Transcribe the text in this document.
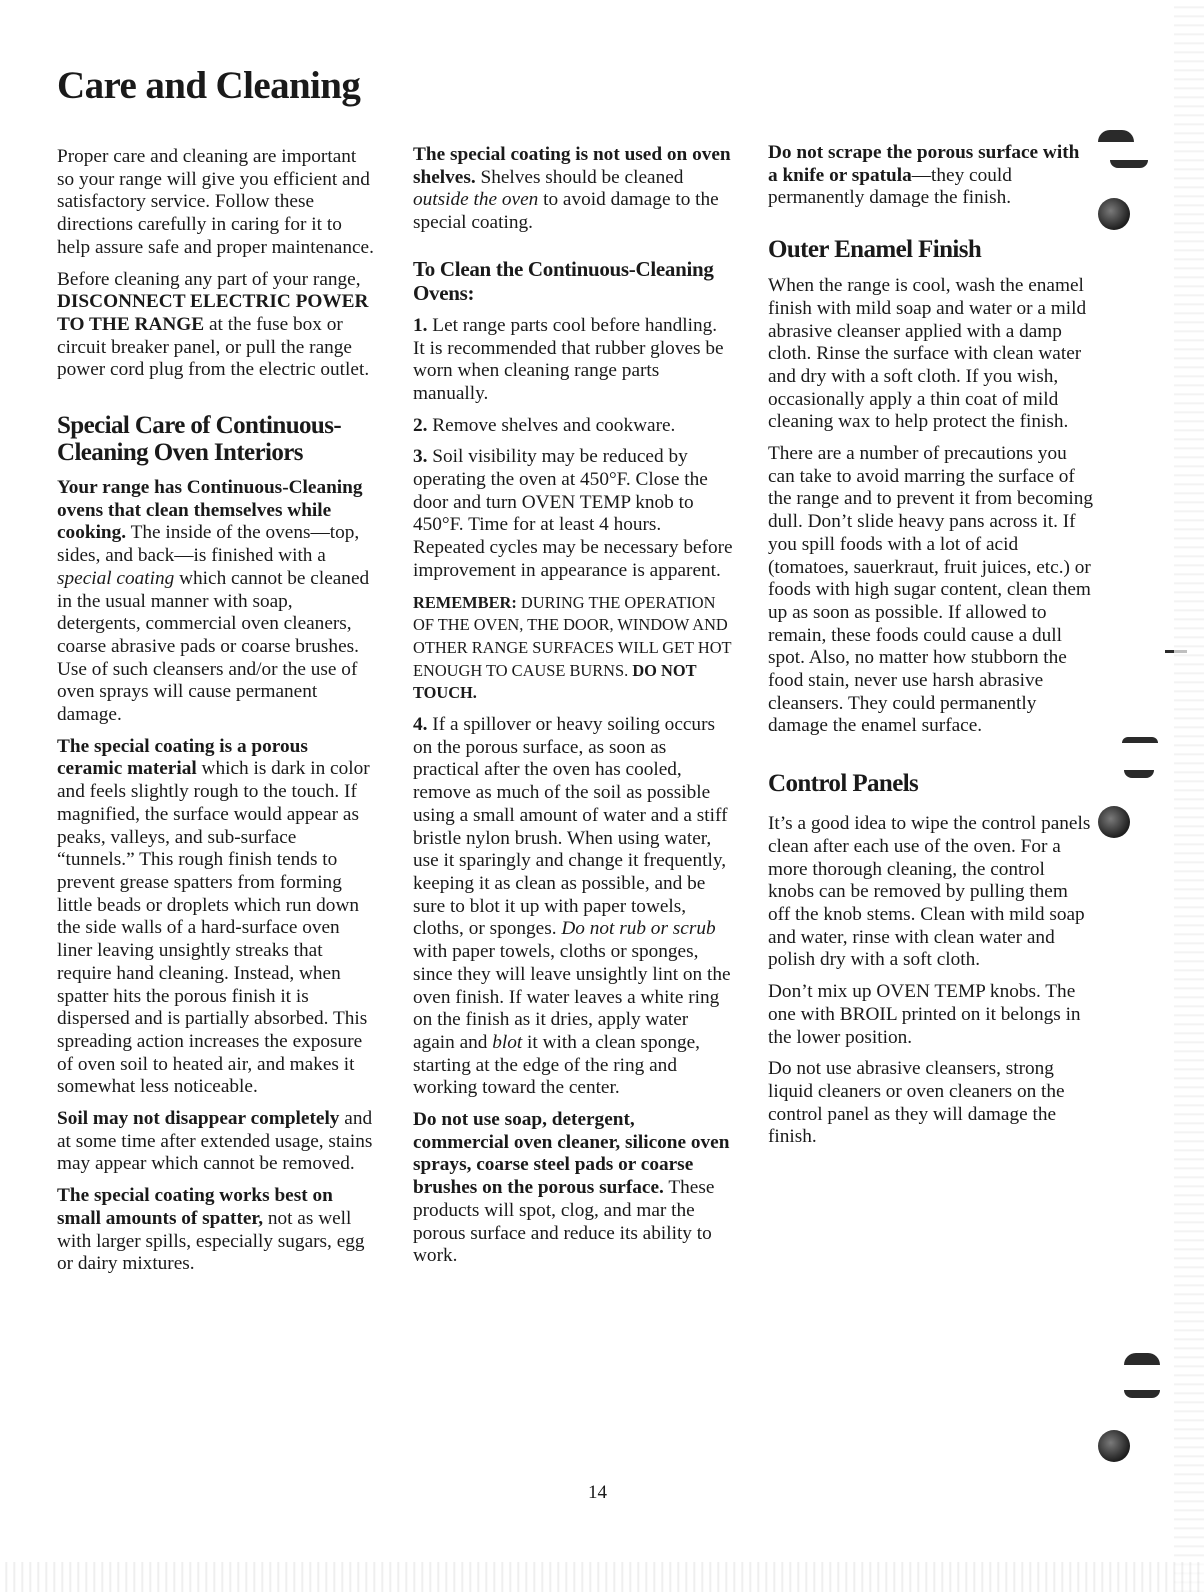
Care and Cleaning

Proper care and cleaning are important so your range will give you efficient and satisfactory service. Follow these directions carefully in caring for it to help assure safe and proper maintenance.

Before cleaning any part of your range, DISCONNECT ELECTRIC POWER TO THE RANGE at the fuse box or circuit breaker panel, or pull the range power cord plug from the electric outlet.

Special Care of Continuous-Cleaning Oven Interiors

Your range has Continuous-Cleaning ovens that clean themselves while cooking. The inside of the ovens—top, sides, and back—is finished with a special coating which cannot be cleaned in the usual manner with soap, detergents, commercial oven cleaners, coarse abrasive pads or coarse brushes. Use of such cleansers and/or the use of oven sprays will cause permanent damage.

The special coating is a porous ceramic material which is dark in color and feels slightly rough to the touch. If magnified, the surface would appear as peaks, valleys, and sub-surface “tunnels.” This rough finish tends to prevent grease spatters from forming little beads or droplets which run down the side walls of a hard-surface oven liner leaving unsightly streaks that require hand cleaning. Instead, when spatter hits the porous finish it is dispersed and is partially absorbed. This spreading action increases the exposure of oven soil to heated air, and makes it somewhat less noticeable.

Soil may not disappear completely and at some time after extended usage, stains may appear which cannot be removed.

The special coating works best on small amounts of spatter, not as well with larger spills, especially sugars, egg or dairy mixtures.

The special coating is not used on oven shelves. Shelves should be cleaned outside the oven to avoid damage to the special coating.

To Clean the Continuous-Cleaning Ovens:

1. Let range parts cool before handling. It is recommended that rubber gloves be worn when cleaning range parts manually.

2. Remove shelves and cookware.

3. Soil visibility may be reduced by operating the oven at 450°F. Close the door and turn OVEN TEMP knob to 450°F. Time for at least 4 hours. Repeated cycles may be necessary before improvement in appearance is apparent.

REMEMBER: DURING THE OPERATION OF THE OVEN, THE DOOR, WINDOW AND OTHER RANGE SURFACES WILL GET HOT ENOUGH TO CAUSE BURNS. DO NOT TOUCH.

4. If a spillover or heavy soiling occurs on the porous surface, as soon as practical after the oven has cooled, remove as much of the soil as possible using a small amount of water and a stiff bristle nylon brush. When using water, use it sparingly and change it frequently, keeping it as clean as possible, and be sure to blot it up with paper towels, cloths, or sponges. Do not rub or scrub with paper towels, cloths or sponges, since they will leave unsightly lint on the oven finish. If water leaves a white ring on the finish as it dries, apply water again and blot it with a clean sponge, starting at the edge of the ring and working toward the center.

Do not use soap, detergent, commercial oven cleaner, silicone oven sprays, coarse steel pads or coarse brushes on the porous surface. These products will spot, clog, and mar the porous surface and reduce its ability to work.

Do not scrape the porous surface with a knife or spatula—they could permanently damage the finish.

Outer Enamel Finish

When the range is cool, wash the enamel finish with mild soap and water or a mild abrasive cleanser applied with a damp cloth. Rinse the surface with clean water and dry with a soft cloth. If you wish, occasionally apply a thin coat of mild cleaning wax to help protect the finish.

There are a number of precautions you can take to avoid marring the surface of the range and to prevent it from becoming dull. Don’t slide heavy pans across it. If you spill foods with a lot of acid (tomatoes, sauerkraut, fruit juices, etc.) or foods with high sugar content, clean them up as soon as possible. If allowed to remain, these foods could cause a dull spot. Also, no matter how stubborn the food stain, never use harsh abrasive cleansers. They could permanently damage the enamel surface.

Control Panels

It’s a good idea to wipe the control panels clean after each use of the oven. For a more thorough cleaning, the control knobs can be removed by pulling them off the knob stems. Clean with mild soap and water, rinse with clean water and polish dry with a soft cloth.

Don’t mix up OVEN TEMP knobs. The one with BROIL printed on it belongs in the lower position.

Do not use abrasive cleansers, strong liquid cleaners or oven cleaners on the control panel as they will damage the finish.

14
